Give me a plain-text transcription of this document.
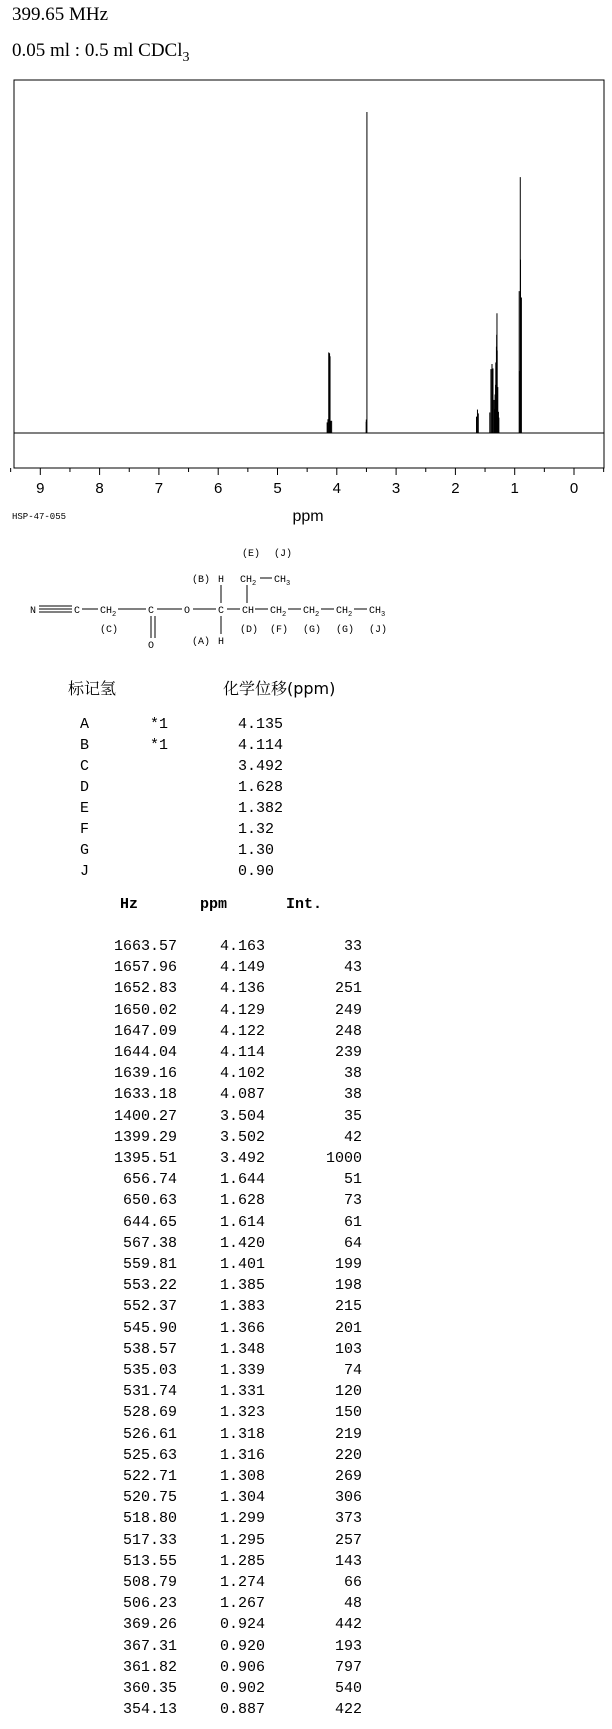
399.65 MHz
0.05 ml : 0.5 ml CDCl$_3$
9	8	7	6	5	4	3	2	1	0
ppm
HSP-47-055
N	C $CH_2$	C
O
O	C
H
(B)
H
(A)
CH
$CH_2$ $CH_3$
(E) (J)
$CH_2$ $CH_2$ $CH_2$ $CH_3$
(C)	(D) (F) (G) (G) (J)
标记氢	化学位移(ppm)
A	*1	4.135
B	*1	4.114
C	3.492
D	1.628
E	1.382
F	1.32
G	1.30
J	0.90
Hz	ppm	Int.
1663.57	4.163	33
1657.96	4.149	43
1652.83	4.136	251
1650.02	4.129	249
1647.09	4.122	248
1644.04	4.114	239
1639.16	4.102	38
1633.18	4.087	38
1400.27	3.504	35
1399.29	3.502	42
1395.51	3.492	1000
656.74	1.644	51
650.63	1.628	73
644.65	1.614	61
567.38	1.420	64
559.81	1.401	199
553.22	1.385	198
552.37	1.383	215
545.90	1.366	201
538.57	1.348	103
535.03	1.339	74
531.74	1.331	120
528.69	1.323	150
526.61	1.318	219
525.63	1.316	220
522.71	1.308	269
520.75	1.304	306
518.80	1.299	373
517.33	1.295	257
513.55	1.285	143
508.79	1.274	66
506.23	1.267	48
369.26	0.924	442
367.31	0.920	193
361.82	0.906	797
360.35	0.902	540
354.13	0.887	422
